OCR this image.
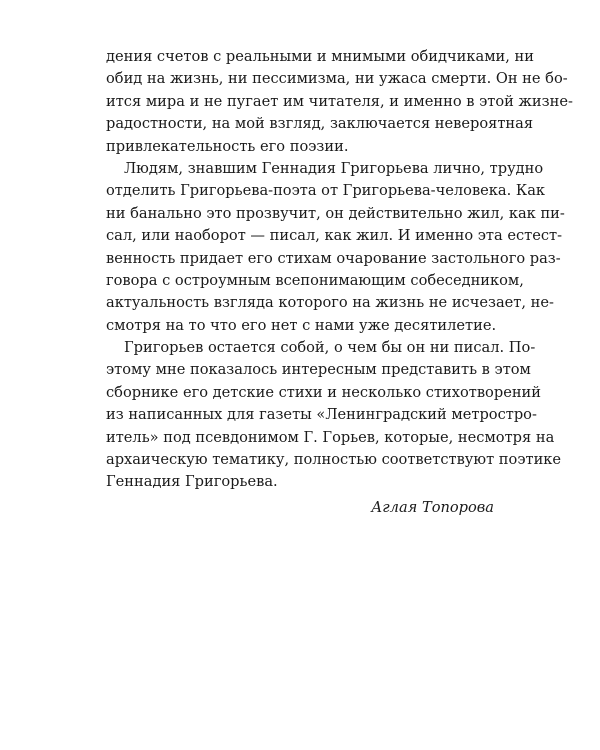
дения счетов с реальными и мнимыми обидчиками, ни
обид на жизнь, ни пессимизма, ни ужаса смерти. Он не бо-
ится мира и не пугает им читателя, и именно в этой жизне-
радостности, на мой взгляд, заключается невероятная
привлекательность его поэзии.
Людям, знавшим Геннадия Григорьева лично, трудно
отделить Григорьева-поэта от Григорьева-человека. Как
ни банально это прозвучит, он действительно жил, как пи-
сал, или наоборот — писал, как жил. И именно эта естест-
венность придает его стихам очарование застольного раз-
говора с остроумным всепонимающим собеседником,
актуальность взгляда которого на жизнь не исчезает, не-
смотря на то что его нет с нами уже десятилетие.
Григорьев остается собой, о чем бы он ни писал. По-
этому мне показалось интересным представить в этом
сборнике его детские стихи и несколько стихотворений
из написанных для газеты «Ленинградский метростро-
итель» под псевдонимом Г. Горьев, которые, несмотря на
архаическую тематику, полностью соответствуют поэтике
Геннадия Григорьева.
Аглая Топорова
